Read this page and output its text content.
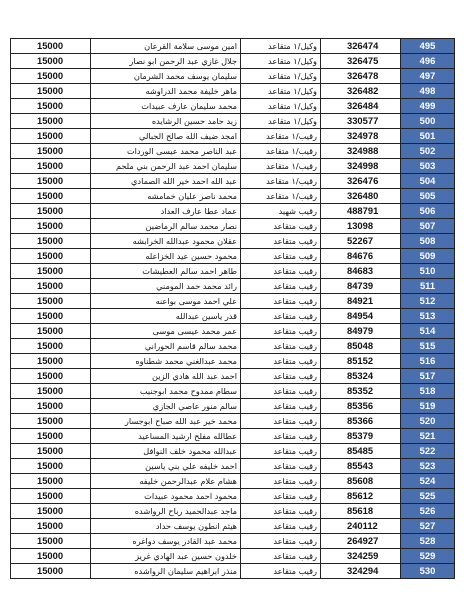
15000	امين موسى سلامة القرعان	وكيل/١ متقاعد	326474	495
15000	جلال غازي عبد الرحمن ابو نصار	وكيل/١ متقاعد	326475	496
15000	سليمان يوسف محمد الشرمان	وكيل/١ متقاعد	326478	497
15000	ماهر خليفة محمد الدراوشه	وكيل/١ متقاعد	326482	498
15000	محمد سليمان عارف عبيدات	وكيل/١ متقاعد	326484	499
15000	زيد حامد حسين الرشايده	وكيل/١ متقاعد	330577	500
15000	امجد ضيف الله صالح الجبالي	رقيب/١ متقاعد	324978	501
15000	عبد الناصر محمد عيسى الوردات	رقيب/١ متقاعد	324988	502
15000	سليمان احمد عبد الرحمن بني ملحم	رقيب/١ متقاعد	324998	503
15000	عبد الله احمد خير الله الصمادي	رقيب/١ متقاعد	326476	504
15000	محمد ناصر عليان خمامشه	رقيب/١ متقاعد	326480	505
15000	عماد عطا عارف العداد	رقيب شهيد	488791	506
15000	نصار محمد سالم الرماضين	رقيب متقاعد	13098	507
15000	عقلان محمود عبدالله الخرابشه	رقيب متقاعد	52267	508
15000	محمود حسين عيد الخزاعله	رقيب متقاعد	84676	509
15000	طاهر احمد سالم العطيشات	رقيب متقاعد	84683	510
15000	رائد محمد حمد المومني	رقيب متقاعد	84739	511
15000	علي احمد موسى بواعنه	رقيب متقاعد	84921	512
15000	قدر ياسين عبدالله	رقيب متقاعد	84954	513
15000	عمر محمد عيسى موسى	رقيب متقاعد	84979	514
15000	محمد سالم قاسم الحوراني	رقيب متقاعد	85048	515
15000	محمد عبدالغني محمد شطناوه	رقيب متقاعد	85152	516
15000	احمد عبد الله هادي الزين	رقيب متقاعد	85324	517
15000	سطام ممدوح محمد ابوجنيب	رقيب متقاعد	85352	518
15000	سالم منور عاصي الجازي	رقيب متقاعد	85356	519
15000	محمد خير عبد الله صباح ابوجسار	رقيب متقاعد	85366	520
15000	عطالله مفلح ارشيد المساعيد	رقيب متقاعد	85379	521
15000	عبدالله محمود خلف النوافل	رقيب متقاعد	85485	522
15000	احمد خليفه علي بني ياسين	رقيب متقاعد	85543	523
15000	هشام علام عبدالرحمن خليفه	رقيب متقاعد	85608	524
15000	محمود احمد محمود عبيدات	رقيب متقاعد	85612	525
15000	ماجد عبدالحميد رباح الرواشده	رقيب متقاعد	85618	526
15000	هيثم انطون يوسف حداد	رقيب متقاعد	240112	527
15000	محمد عبد القادر يوسف دواغره	رقيب متقاعد	264927	528
15000	خلدون حسين عبد الهادي غريز	رقيب متقاعد	324259	529
15000	منذر ابراهيم سليمان الرواشده	رقيب متقاعد	324294	530
